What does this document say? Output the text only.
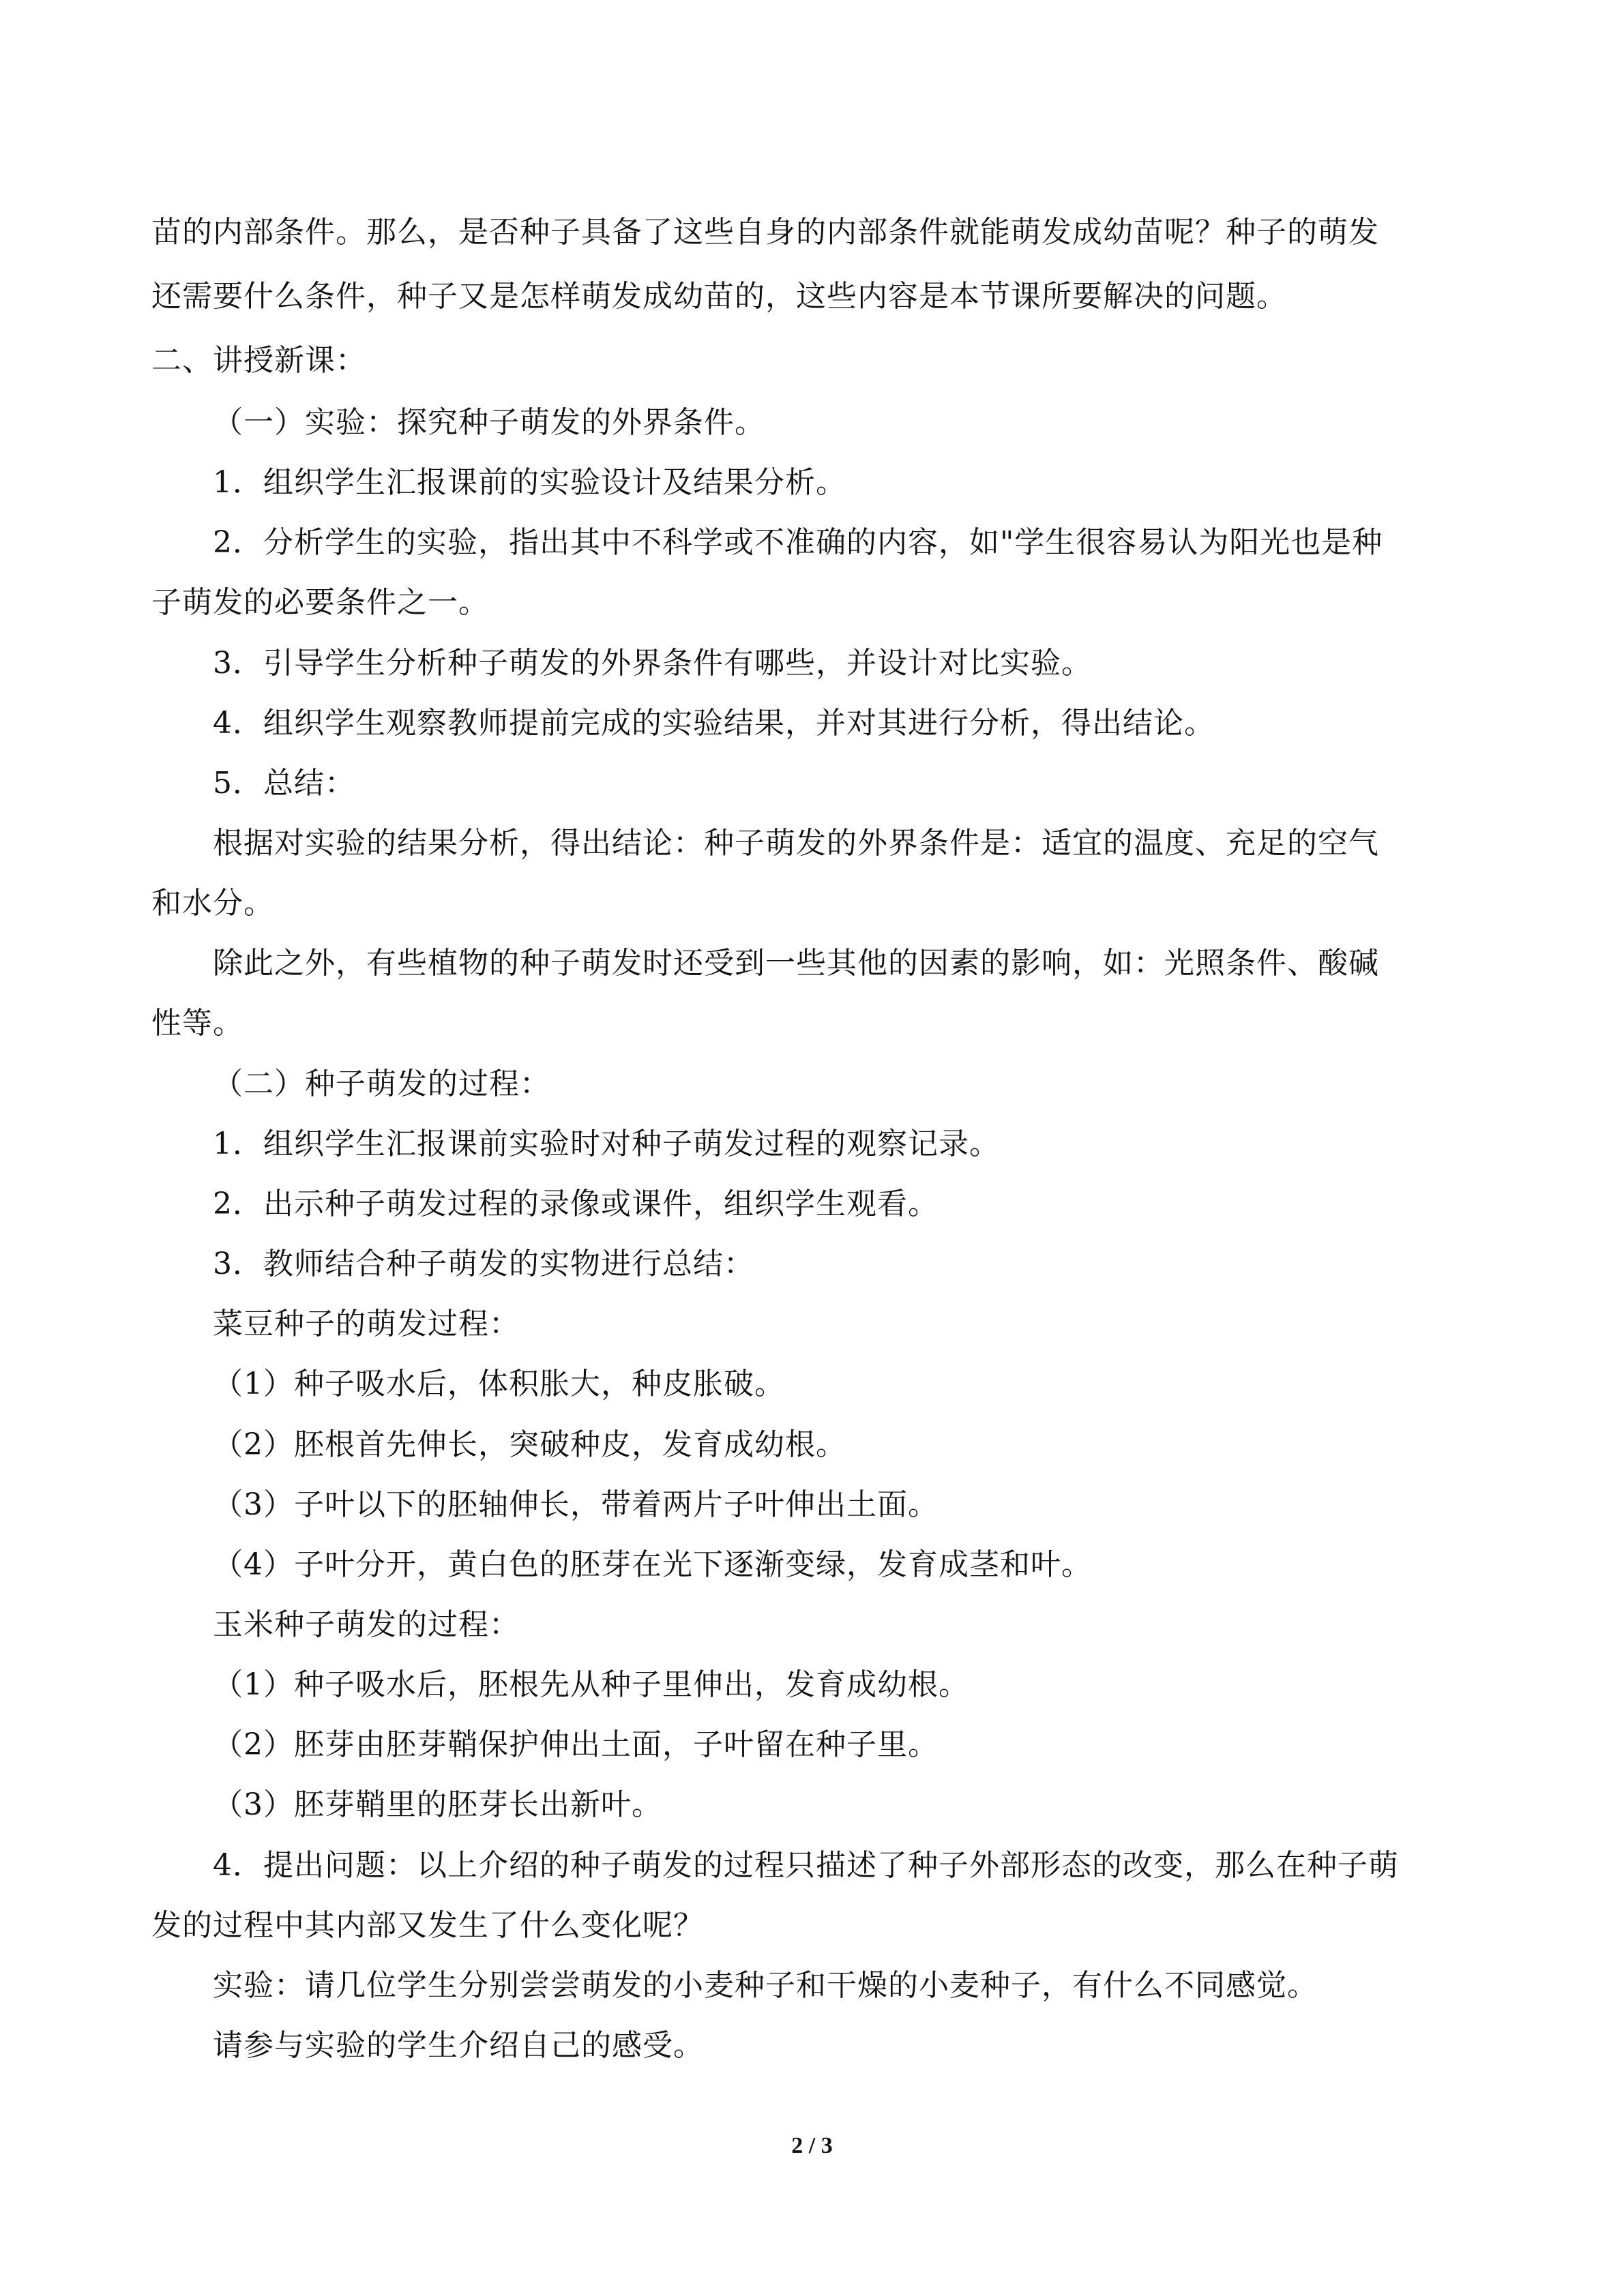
苗的内部条件。那么，是否种子具备了这些自身的内部条件就能萌发成幼苗呢？种子的萌发
还需要什么条件，种子又是怎样萌发成幼苗的，这些内容是本节课所要解决的问题。
二、讲授新课：
（一）实验：探究种子萌发的外界条件。
1．组织学生汇报课前的实验设计及结果分析。
2．分析学生的实验，指出其中不科学或不准确的内容，如"学生很容易认为阳光也是种
子萌发的必要条件之一。
3．引导学生分析种子萌发的外界条件有哪些，并设计对比实验。
4．组织学生观察教师提前完成的实验结果，并对其进行分析，得出结论。
5．总结：
根据对实验的结果分析，得出结论：种子萌发的外界条件是：适宜的温度、充足的空气
和水分。
除此之外，有些植物的种子萌发时还受到一些其他的因素的影响，如：光照条件、酸碱
性等。
（二）种子萌发的过程：
1．组织学生汇报课前实验时对种子萌发过程的观察记录。
2．出示种子萌发过程的录像或课件，组织学生观看。
3．教师结合种子萌发的实物进行总结：
菜豆种子的萌发过程：
（1）种子吸水后，体积胀大，种皮胀破。
（2）胚根首先伸长，突破种皮，发育成幼根。
（3）子叶以下的胚轴伸长，带着两片子叶伸出土面。
（4）子叶分开，黄白色的胚芽在光下逐渐变绿，发育成茎和叶。
玉米种子萌发的过程：
（1）种子吸水后，胚根先从种子里伸出，发育成幼根。
（2）胚芽由胚芽鞘保护伸出土面，子叶留在种子里。
（3）胚芽鞘里的胚芽长出新叶。
4．提出问题：以上介绍的种子萌发的过程只描述了种子外部形态的改变，那么在种子萌
发的过程中其内部又发生了什么变化呢？
实验：请几位学生分别尝尝萌发的小麦种子和干燥的小麦种子，有什么不同感觉。
请参与实验的学生介绍自己的感受。
2 / 3
